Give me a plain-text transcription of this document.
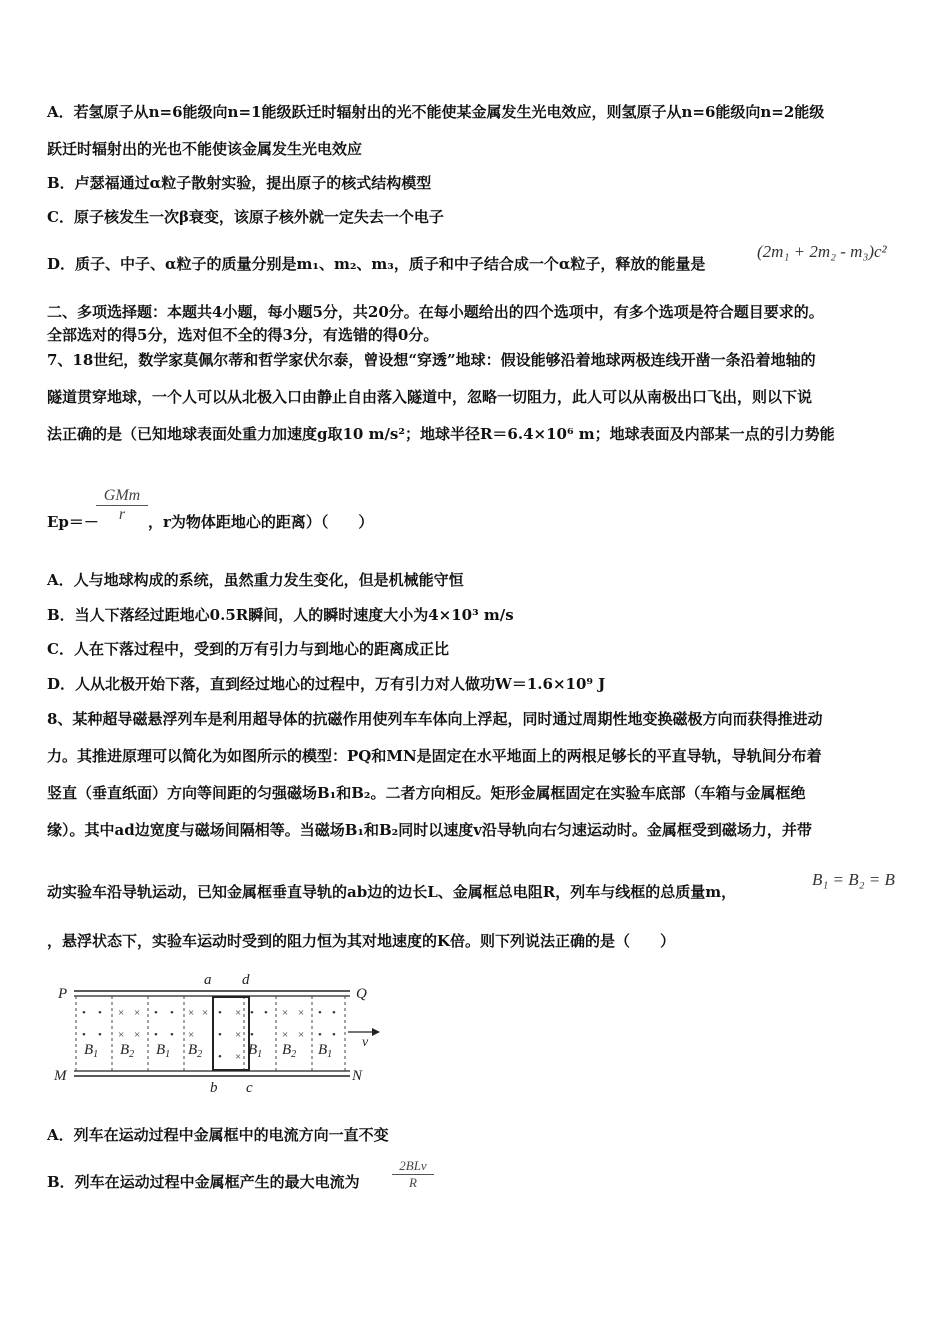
A．若氢原子从n=6能级向n=1能级跃迁时辐射出的光不能使某金属发生光电效应，则氢原子从n=6能级向n=2能级
跃迁时辐射出的光也不能使该金属发生光电效应
B．卢瑟福通过α粒子散射实验，提出原子的核式结构模型
C．原子核发生一次β衰变，该原子核外就一定失去一个电子
D．质子、中子、α粒子的质量分别是m₁、m₂、m₃，质子和中子结合成一个α粒子，释放的能量是
(2m₁ + 2m₂ - m₃)c²
二、多项选择题：本题共4小题，每小题5分，共20分。在每小题给出的四个选项中，有多个选项是符合题目要求的。
全部选对的得5分，选对但不全的得3分，有选错的得0分。
7、18世纪，数学家莫佩尔蒂和哲学家伏尔泰，曾设想“穿透”地球：假设能够沿着地球两极连线开凿一条沿着地轴的
隧道贯穿地球，一个人可以从北极入口由静止自由落入隧道中，忽略一切阻力，此人可以从南极出口飞出，则以下说
法正确的是（已知地球表面处重力加速度g取10 m/s²；地球半径R＝6.4×10⁶ m；地球表面及内部某一点的引力势能
Ep＝－
GMm
r	，r为物体距地心的距离）（　　）
A．人与地球构成的系统，虽然重力发生变化，但是机械能守恒
B．当人下落经过距地心0.5R瞬间，人的瞬时速度大小为4×10³ m/s
C．人在下落过程中，受到的万有引力与到地心的距离成正比
D．人从北极开始下落，直到经过地心的过程中，万有引力对人做功W＝1.6×10⁹ J
8、某种超导磁悬浮列车是利用超导体的抗磁作用使列车车体向上浮起，同时通过周期性地变换磁极方向而获得推进动
力。其推进原理可以简化为如图所示的模型：PQ和MN是固定在水平地面上的两根足够长的平直导轨，导轨间分布着
竖直（垂直纸面）方向等间距的匀强磁场B₁和B₂。二者方向相反。矩形金属框固定在实验车底部（车箱与金属框绝
缘）。其中ad边宽度与磁场间隔相等。当磁场B₁和B₂同时以速度v沿导轨向右匀速运动时。金属框受到磁场力，并带
动实验车沿导轨运动，已知金属框垂直导轨的ab边的边长L、金属框总电阻R，列车与线框的总质量m，
B₁ = B₂ = B
，悬浮状态下，实验车运动时受到的阻力恒为其对地速度的K倍。则下列说法正确的是（　　）
• •
• •
× ×
× ×
• •
• •
× ×
×
• ×
• ×
• ×
• •
•
× ×
× ×
• •
• •
$B_1$ $B_2$ $B_1$ $B_2$	$B_1$ $B_2$ $B_1$
v
P	Q
M	N
a d
b c
A．列车在运动过程中金属框中的电流方向一直不变
B．列车在运动过程中金属框产生的最大电流为
2BLv
R
